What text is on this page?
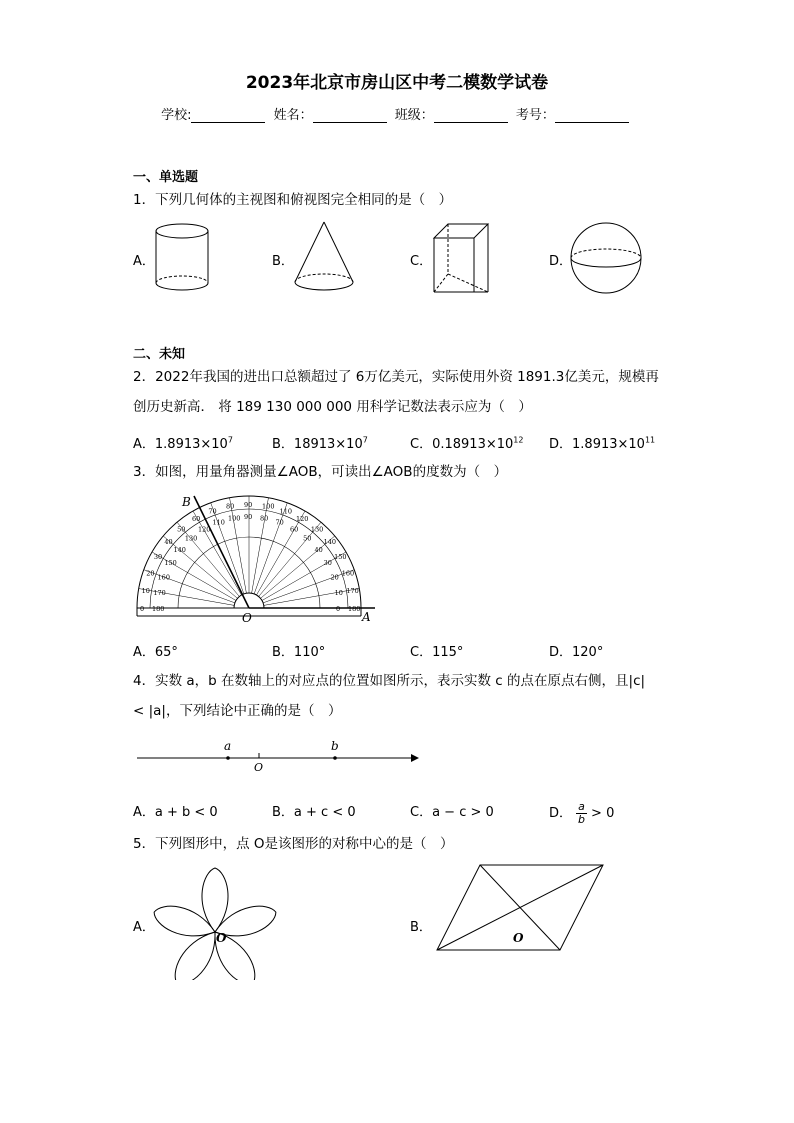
2023年北京市房山区中考二模数学试卷
学校:	姓名：	班级：	考号：
一、单选题
1．下列几何体的主视图和俯视图完全相同的是（　）
A．	B．	C．	D．
二、未知
2．2022年我国的进出口总额超过了 6万亿美元，实际使用外资 1891.3亿美元，规模再
创历史新高． 将 189 130 000 000 用科学记数法表示应为（　）
A．$1.8913\times 10^7$	B．$18913\times 10^7$	C．$0.18913\times 10^{12}$ D．$1.8913\times 10^{11}$
3．如图，用量角器测量∠AOB，可读出∠AOB的度数为（　）
180
0
170
10
160
20
150
30
140
40
130
50
120
60
110
70
100
80
90
90
80
100
70
110
60
120
50
130
40
140
30
150
20
160
10 170
0 180
B
O	A
A．65°	B．110°	C．115°	D．120°
4．实数 a，b 在数轴上的对应点的位置如图所示，表示实数 c 的点在原点右侧，且|c|
< |a|，下列结论中正确的是（　）
a	b
O
A．a + b < 0	B．a + c < 0	C．a − c > 0	D． $\frac{a}{b} > 0$
5．下列图形中，点 O是该图形的对称中心的是（　）
A．
O
B．
O
